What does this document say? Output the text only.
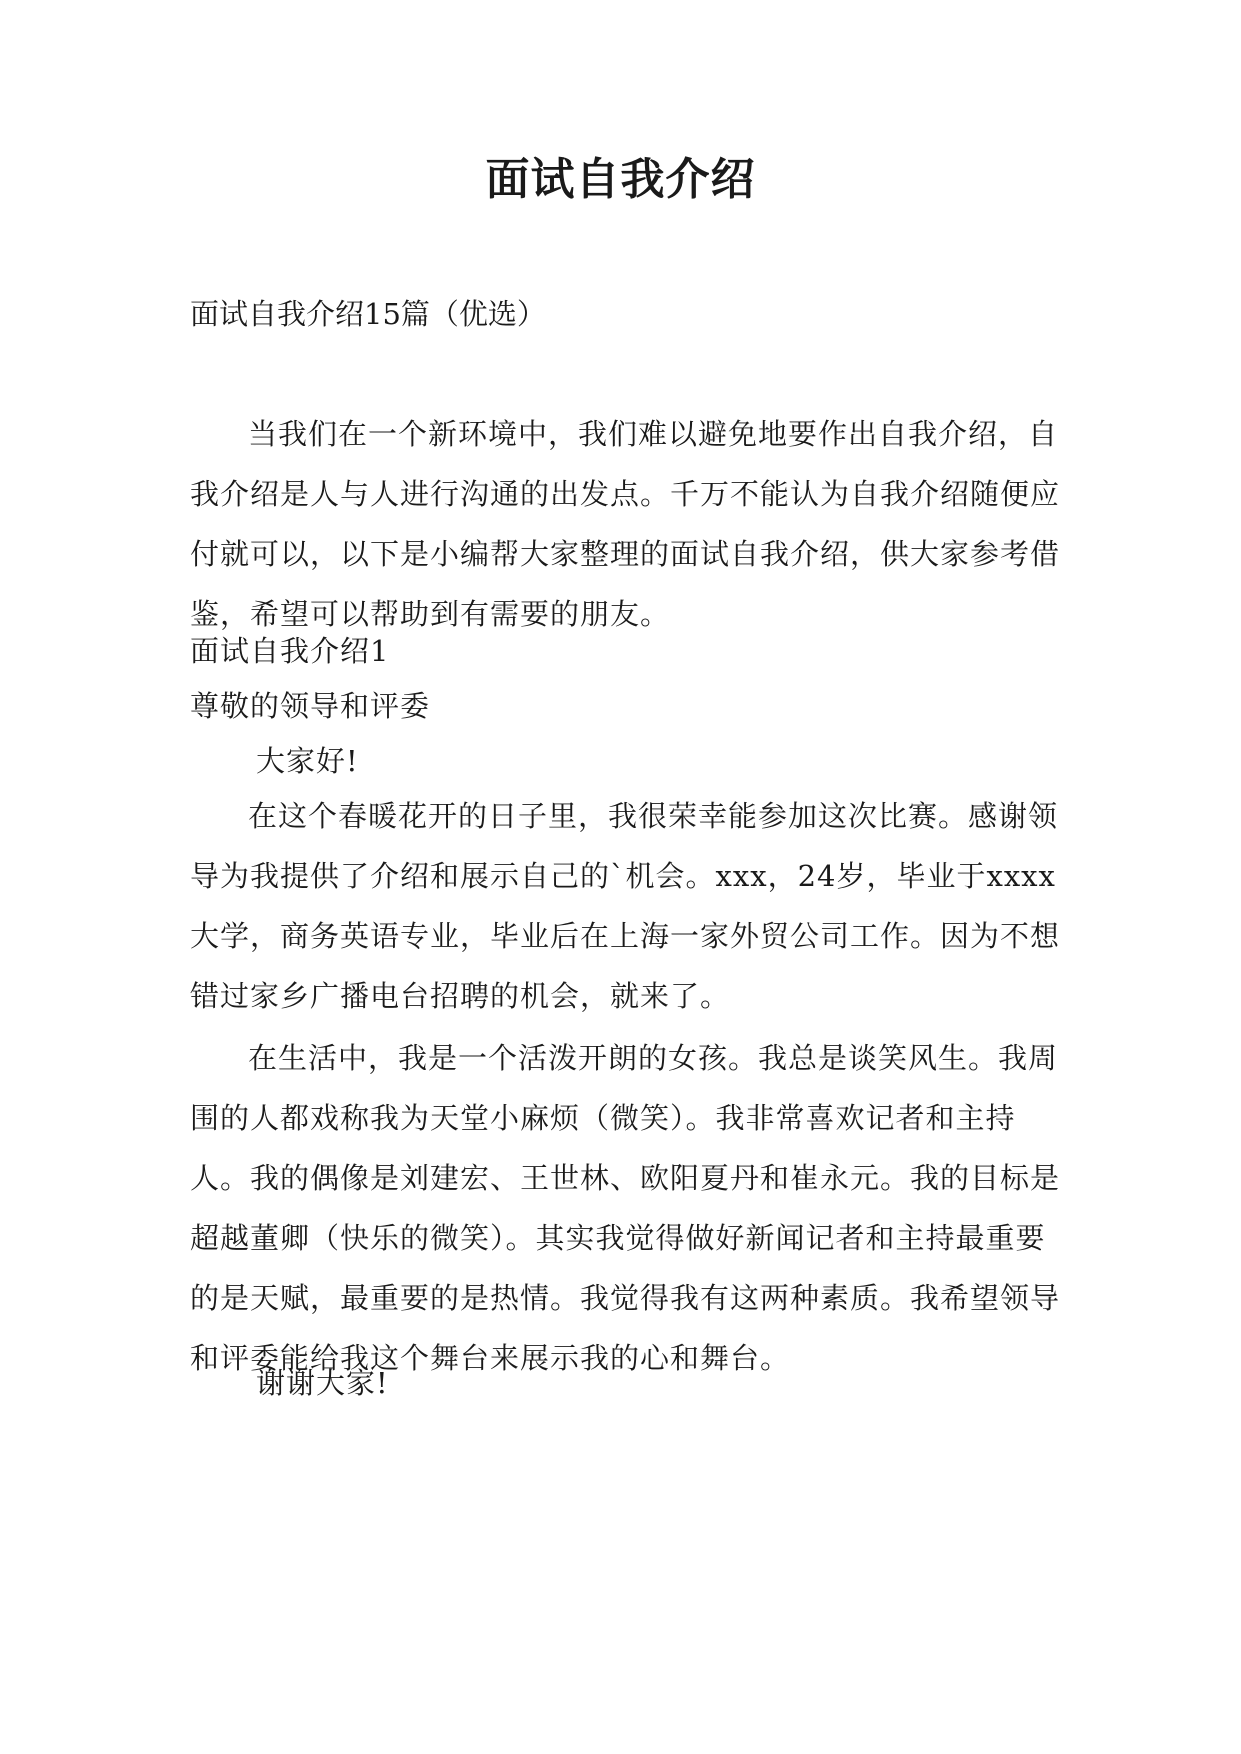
面试自我介绍
面试自我介绍15篇（优选）

当我们在一个新环境中，我们难以避免地要作出自我介绍，自我介绍是人与人进行沟通的出发点。千万不能认为自我介绍随便应付就可以，以下是小编帮大家整理的面试自我介绍，供大家参考借鉴，希望可以帮助到有需要的朋友。

面试自我介绍1
尊敬的领导和评委
大家好!

在这个春暖花开的日子里，我很荣幸能参加这次比赛。感谢领导为我提供了介绍和展示自己的`机会。xxx，24岁，毕业于xxxx大学，商务英语专业，毕业后在上海一家外贸公司工作。因为不想错过家乡广播电台招聘的机会，就来了。

在生活中，我是一个活泼开朗的女孩。我总是谈笑风生。我周围的人都戏称我为天堂小麻烦（微笑）。我非常喜欢记者和主持人。我的偶像是刘建宏、王世林、欧阳夏丹和崔永元。我的目标是超越董卿（快乐的微笑）。其实我觉得做好新闻记者和主持最重要的是天赋，最重要的是热情。我觉得我有这两种素质。我希望领导和评委能给我这个舞台来展示我的心和舞台。

谢谢大家!
